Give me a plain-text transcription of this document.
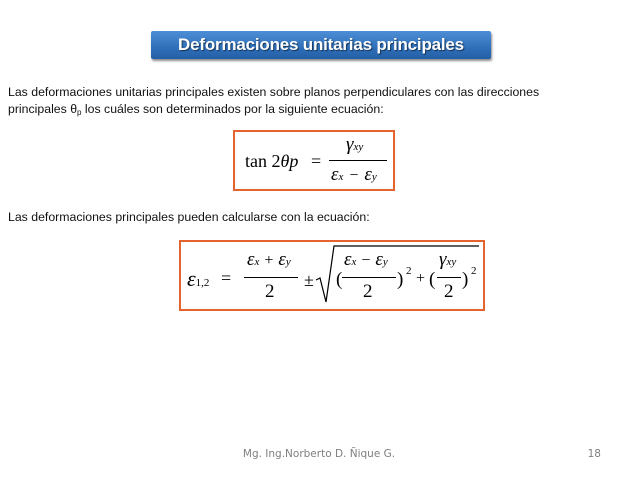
Deformaciones unitarias principales
Las deformaciones unitarias principales existen sobre planos perpendiculares con las direcciones
principales θp los cuáles son determinados por la siguiente ecuación:
tan 2θp =
γxy
εx − εy
Las deformaciones principales pueden calcularse con la ecuación:
ε1,2 =
εx + εy
2
± (
εx − εy
2
) 2 + (
γxy
2
) 2
Mg. Ing.Norberto D. Ñique G.	18
